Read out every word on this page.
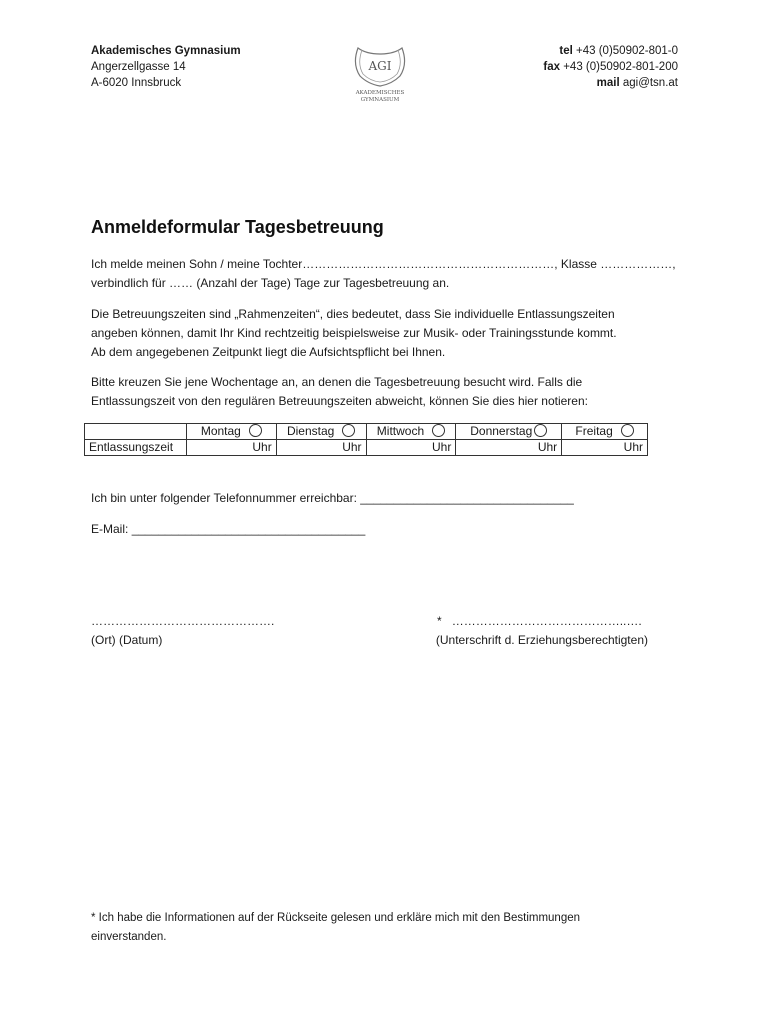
Akademisches Gymnasium
Angerzellgasse 14
A-6020 Innsbruck
AGI
AKADEMISCHES
GYMNASIUM
tel +43 (0)50902-801-0
fax +43 (0)50902-801-200
mail agi@tsn.at
Anmeldeformular Tagesbetreuung
Ich melde meinen Sohn / meine Tochter………………………………………………………, Klasse ………………,
verbindlich für …… (Anzahl der Tage) Tage zur Tagesbetreuung an.
Die Betreuungszeiten sind „Rahmenzeiten“, dies bedeutet, dass Sie individuelle Entlassungszeiten
angeben können, damit Ihr Kind rechtzeitig beispielsweise zur Musik- oder Trainingsstunde kommt.
Ab dem angegebenen Zeitpunkt liegt die Aufsichtspflicht bei Ihnen.
Bitte kreuzen Sie jene Wochentage an, an denen die Tagesbetreuung besucht wird. Falls die
Entlassungszeit von den regulären Betreuungszeiten abweicht, können Sie dies hier notieren:
	Montag	Dienstag	Mittwoch	Donnerstag	Freitag
Entlassungszeit	Uhr	Uhr	Uhr	Uhr	Uhr
Ich bin unter folgender Telefonnummer erreichbar: ________________________________
E-Mail: ___________________________________
……………………………………….
(Ort) (Datum)
* ……………………………………..….
(Unterschrift d. Erziehungsberechtigten)
* Ich habe die Informationen auf der Rückseite gelesen und erkläre mich mit den Bestimmungen
einverstanden.
